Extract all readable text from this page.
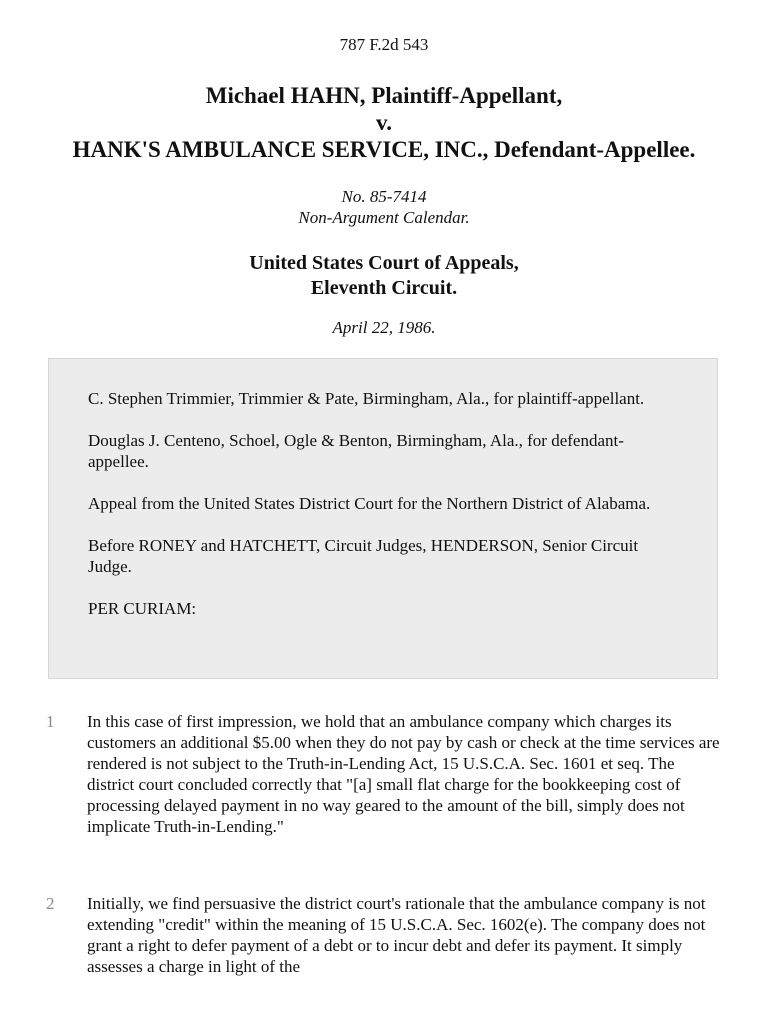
787 F.2d 543
Michael HAHN, Plaintiff-Appellant,
v.
HANK'S AMBULANCE SERVICE, INC., Defendant-Appellee.
No. 85-7414
Non-Argument Calendar.
United States Court of Appeals,
Eleventh Circuit.
April 22, 1986.

C. Stephen Trimmier, Trimmier & Pate, Birmingham, Ala., for plaintiff-appellant.

Douglas J. Centeno, Schoel, Ogle & Benton, Birmingham, Ala., for defendant-appellee.

Appeal from the United States District Court for the Northern District of Alabama.

Before RONEY and HATCHETT, Circuit Judges, HENDERSON, Senior Circuit Judge.

PER CURIAM:

1 In this case of first impression, we hold that an ambulance company which charges its customers an additional $5.00 when they do not pay by cash or check at the time services are rendered is not subject to the Truth-in-Lending Act, 15 U.S.C.A. Sec. 1601 et seq. The district court concluded correctly that "[a] small flat charge for the bookkeeping cost of processing delayed payment in no way geared to the amount of the bill, simply does not implicate Truth-in-Lending."
2 Initially, we find persuasive the district court's rationale that the ambulance company is not extending "credit" within the meaning of 15 U.S.C.A. Sec. 1602(e). The company does not grant a right to defer payment of a debt or to incur debt and defer its payment. It simply assesses a charge in light of the
